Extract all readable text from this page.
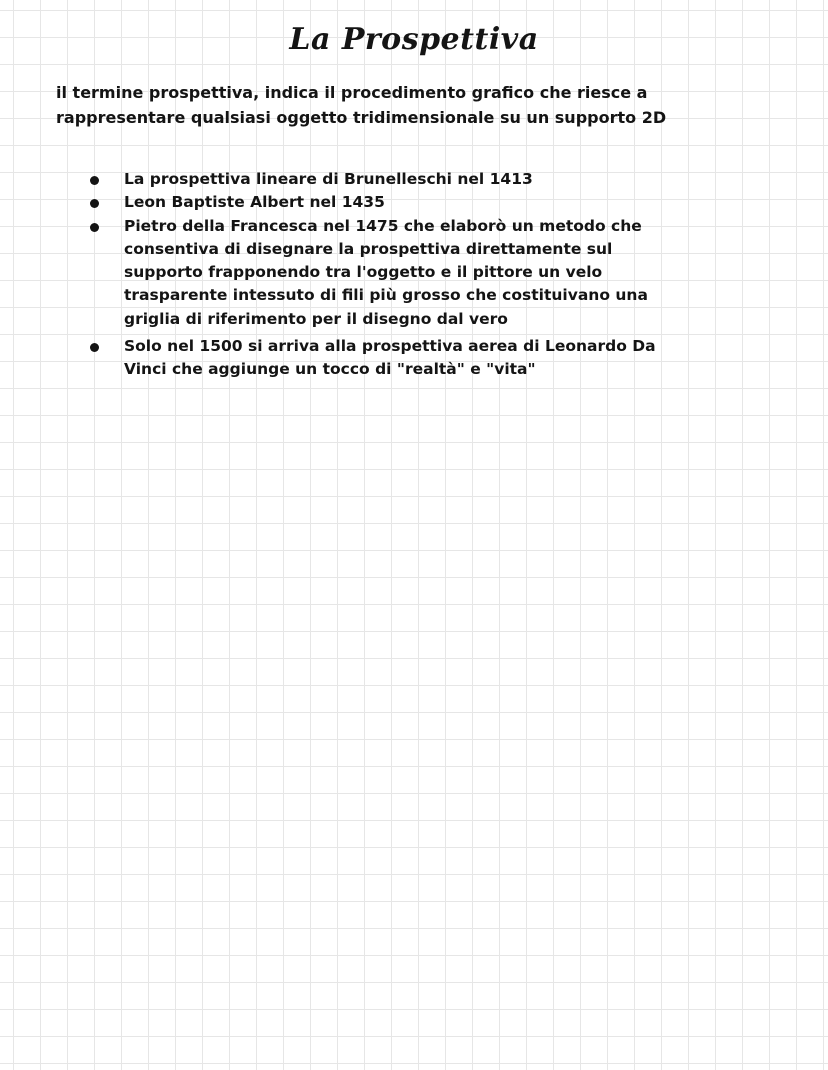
La Prospettiva

il termine prospettiva, indica il procedimento grafico che riesce a
rappresentare qualsiasi oggetto tridimensionale su un supporto 2D

La prospettiva lineare di Brunelleschi nel 1413
Leon Baptiste Albert nel 1435
Pietro della Francesca nel 1475 che elaborò un metodo che
consentiva di disegnare la prospettiva direttamente sul
supporto frapponendo tra l'oggetto e il pittore un velo
trasparente intessuto di fili più grosso che costituivano una
griglia di riferimento per il disegno dal vero
Solo nel 1500 si arriva alla prospettiva aerea di Leonardo Da
Vinci che aggiunge un tocco di "realtà" e "vita"
